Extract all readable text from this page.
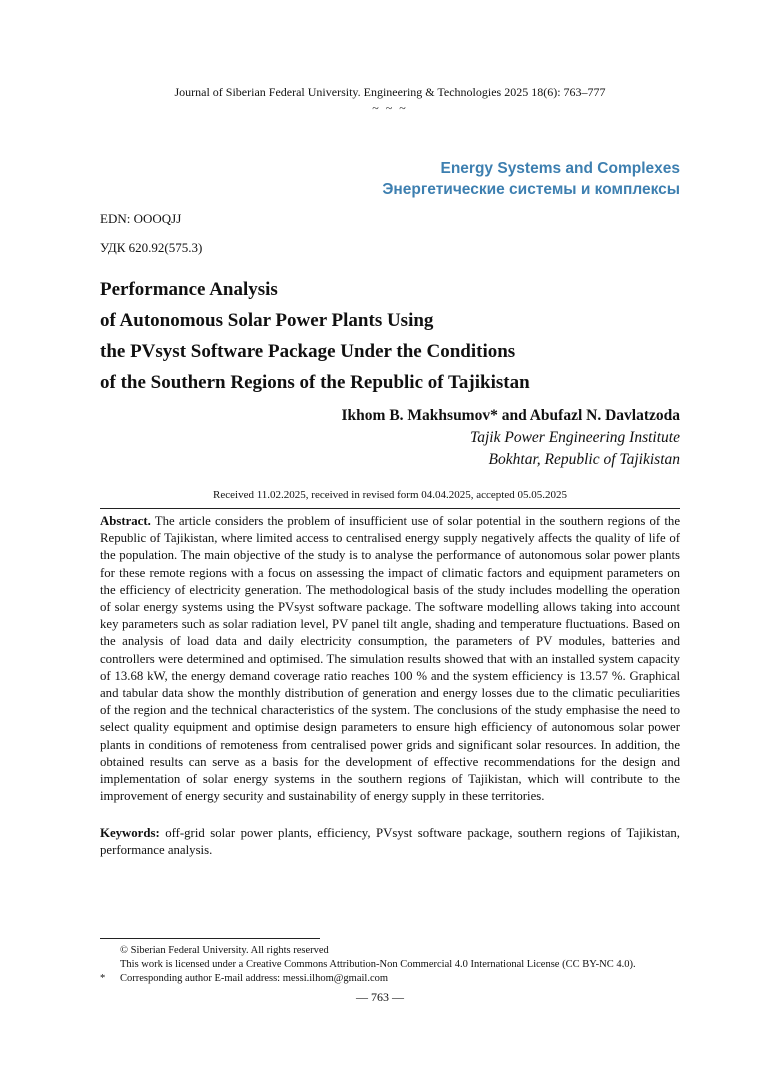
Journal of Siberian Federal University. Engineering & Technologies 2025 18(6): 763–777
~ ~ ~
Energy Systems and Complexes
Энергетические системы и комплексы
EDN: OOOQJJ
УДК 620.92(575.3)
Performance Analysis
of Autonomous Solar Power Plants Using
the PVsyst Software Package Under the Conditions
of the Southern Regions of the Republic of Tajikistan
Ikhom B. Makhsumov* and Abufazl N. Davlatzoda
Tajik Power Engineering Institute
Bokhtar, Republic of Tajikistan
Received 11.02.2025, received in revised form 04.04.2025, accepted 05.05.2025
Abstract. The article considers the problem of insufficient use of solar potential in the southern regions of the Republic of Tajikistan, where limited access to centralised energy supply negatively affects the quality of life of the population. The main objective of the study is to analyse the performance of autonomous solar power plants for these remote regions with a focus on assessing the impact of climatic factors and equipment parameters on the efficiency of electricity generation. The methodological basis of the study includes modelling the operation of solar energy systems using the PVsyst software package. The software modelling allows taking into account key parameters such as solar radiation level, PV panel tilt angle, shading and temperature fluctuations. Based on the analysis of load data and daily electricity consumption, the parameters of PV modules, batteries and controllers were determined and optimised. The simulation results showed that with an installed system capacity of 13.68 kW, the energy demand coverage ratio reaches 100 % and the system efficiency is 13.57 %. Graphical and tabular data show the monthly distribution of generation and energy losses due to the climatic peculiarities of the region and the technical characteristics of the system. The conclusions of the study emphasise the need to select quality equipment and optimise design parameters to ensure high efficiency of autonomous solar power plants in conditions of remoteness from centralised power grids and significant solar resources. In addition, the obtained results can serve as a basis for the development of effective recommendations for the design and implementation of solar energy systems in the southern regions of Tajikistan, which will contribute to the improvement of energy security and sustainability of energy supply in these territories.
Keywords: off-grid solar power plants, efficiency, PVsyst software package, southern regions of Tajikistan, performance analysis.
© Siberian Federal University. All rights reserved
This work is licensed under a Creative Commons Attribution-Non Commercial 4.0 International License (CC BY-NC 4.0).
* Corresponding author E-mail address: messi.ilhom@gmail.com
— 763 —
